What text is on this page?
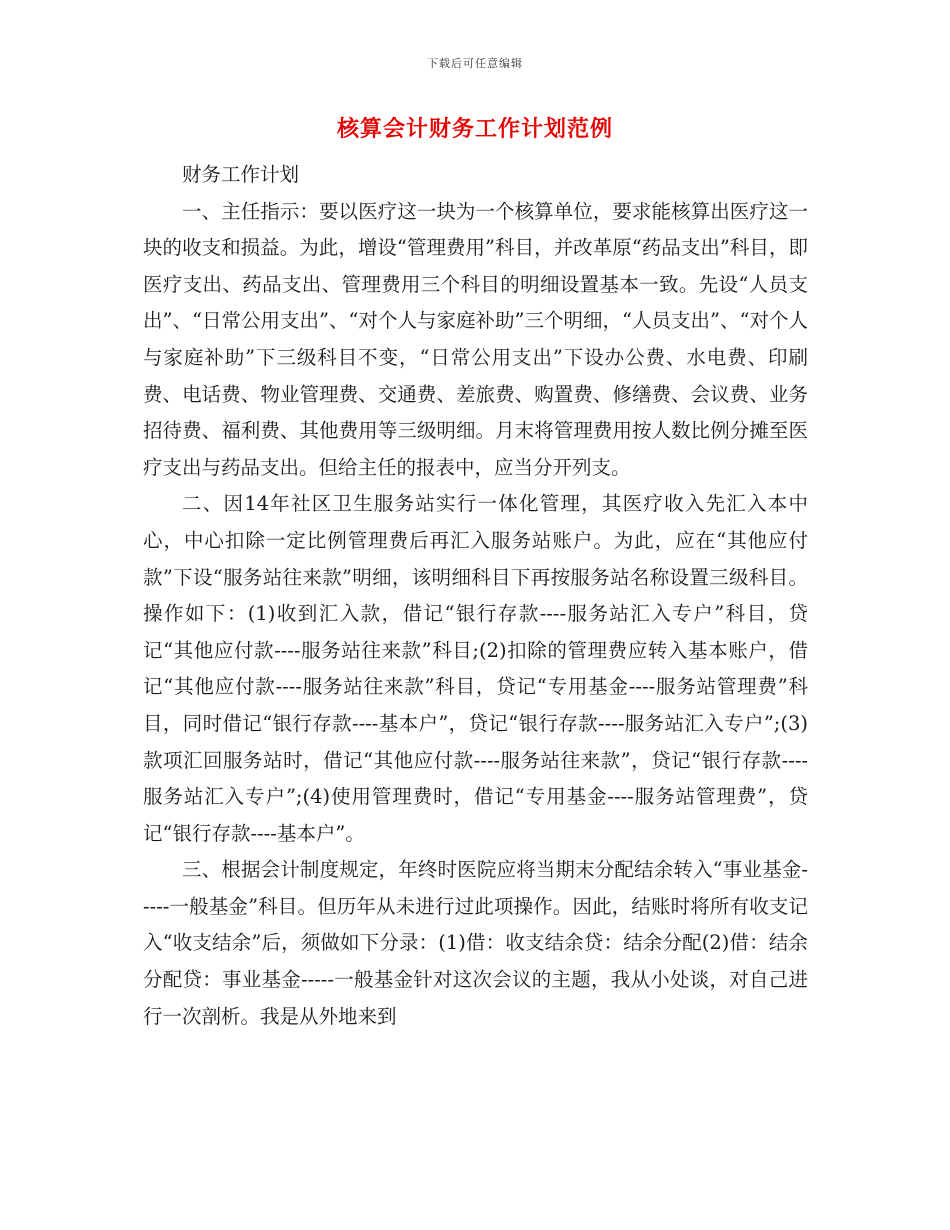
下载后可任意编辑
核算会计财务工作计划范例

财务工作计划

一、主任指示：要以医疗这一块为一个核算单位，要求能核算出医疗这一块的收支和损益。为此，增设“管理费用”科目，并改革原“药品支出”科目，即医疗支出、药品支出、管理费用三个科目的明细设置基本一致。先设“人员支出”、“日常公用支出”、“对个人与家庭补助”三个明细，“人员支出”、“对个人与家庭补助”下三级科目不变，“日常公用支出”下设办公费、水电费、印刷费、电话费、物业管理费、交通费、差旅费、购置费、修缮费、会议费、业务招待费、福利费、其他费用等三级明细。月末将管理费用按人数比例分摊至医疗支出与药品支出。但给主任的报表中，应当分开列支。

二、因14年社区卫生服务站实行一体化管理，其医疗收入先汇入本中心，中心扣除一定比例管理费后再汇入服务站账户。为此，应在“其他应付款”下设“服务站往来款”明细，该明细科目下再按服务站名称设置三级科目。操作如下：(1)收到汇入款，借记“银行存款----服务站汇入专户”科目，贷记“其他应付款----服务站往来款”科目;(2)扣除的管理费应转入基本账户，借记“其他应付款----服务站往来款”科目，贷记“专用基金----服务站管理费”科目，同时借记“银行存款----基本户”，贷记“银行存款----服务站汇入专户”;(3)款项汇回服务站时，借记“其他应付款----服务站往来款”，贷记“银行存款----服务站汇入专户”;(4)使用管理费时，借记“专用基金----服务站管理费”，贷记“银行存款----基本户”。

三、根据会计制度规定，年终时医院应将当期末分配结余转入“事业基金-----一般基金”科目。但历年从未进行过此项操作。因此，结账时将所有收支记入“收支结余”后，须做如下分录：(1)借：收支结余贷：结余分配(2)借：结余分配贷：事业基金-----一般基金针对这次会议的主题，我从小处谈，对自己进行一次剖析。我是从外地来到
